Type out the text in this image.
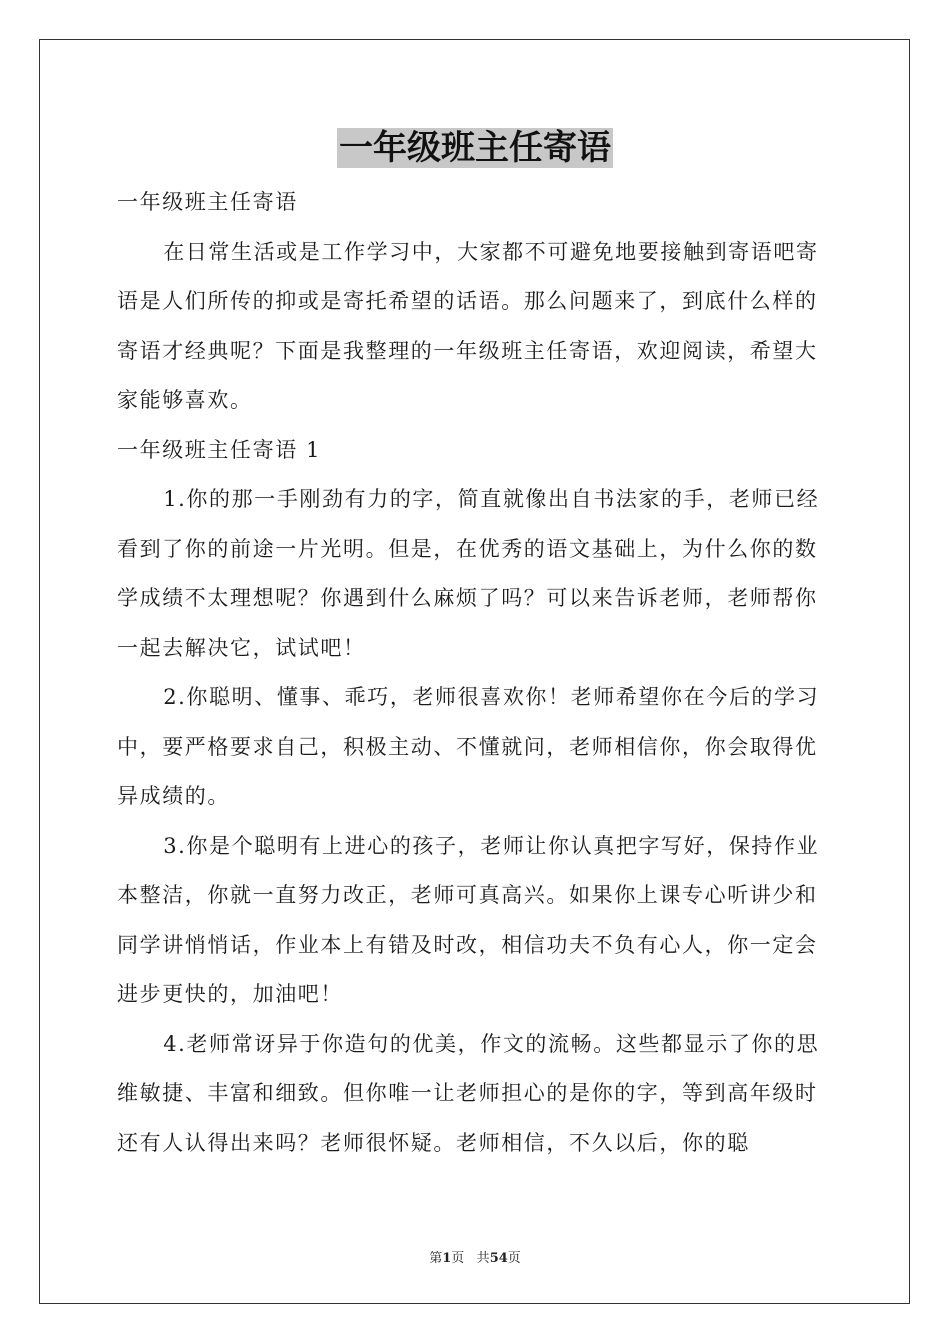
一年级班主任寄语

一年级班主任寄语

在日常生活或是工作学习中，大家都不可避免地要接触到寄语吧寄语是人们所传的抑或是寄托希望的话语。那么问题来了，到底什么样的寄语才经典呢？下面是我整理的一年级班主任寄语，欢迎阅读，希望大家能够喜欢。

一年级班主任寄语 1

1.你的那一手刚劲有力的字，简直就像出自书法家的手，老师已经看到了你的前途一片光明。但是，在优秀的语文基础上，为什么你的数学成绩不太理想呢？你遇到什么麻烦了吗？可以来告诉老师，老师帮你一起去解决它，试试吧！

2.你聪明、懂事、乖巧，老师很喜欢你！老师希望你在今后的学习中，要严格要求自己，积极主动、不懂就问，老师相信你，你会取得优异成绩的。

3.你是个聪明有上进心的孩子，老师让你认真把字写好，保持作业本整洁，你就一直努力改正，老师可真高兴。如果你上课专心听讲少和同学讲悄悄话，作业本上有错及时改，相信功夫不负有心人，你一定会进步更快的，加油吧！

4.老师常讶异于你造句的优美，作文的流畅。这些都显示了你的思维敏捷、丰富和细致。但你唯一让老师担心的是你的字，等到高年级时还有人认得出来吗？老师很怀疑。老师相信，不久以后，你的聪

第1页 共54页
